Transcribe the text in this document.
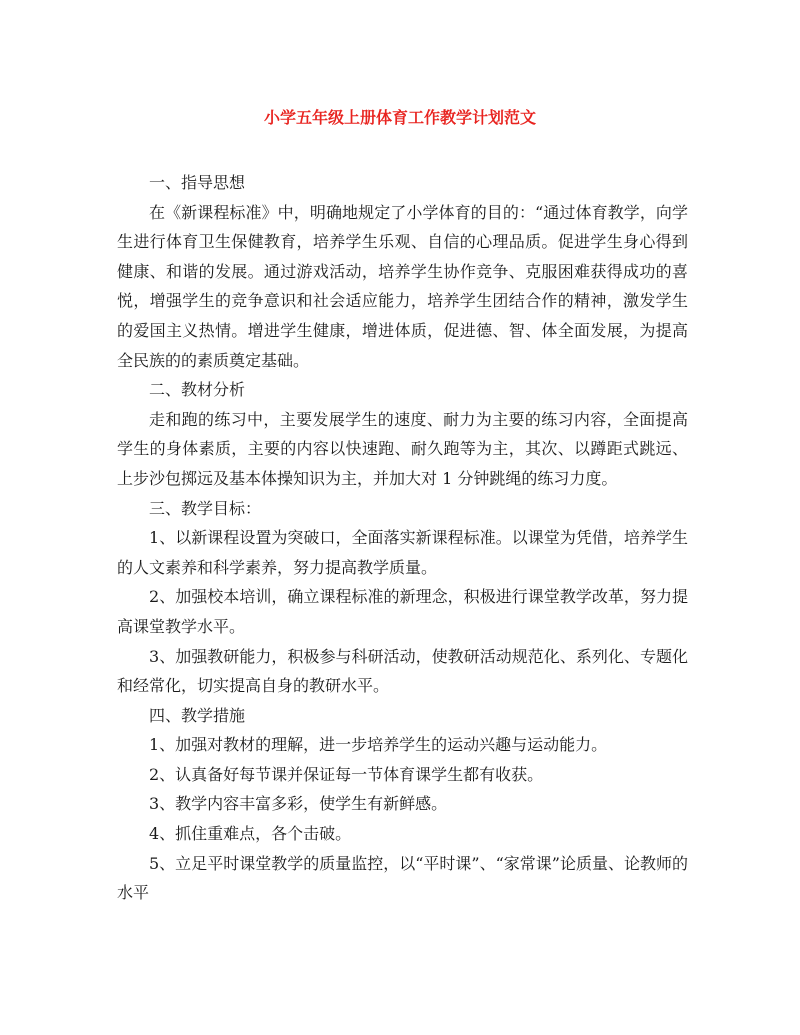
小学五年级上册体育工作教学计划范文

一、指导思想

在《新课程标准》中，明确地规定了小学体育的目的：“通过体育教学，向学生进行体育卫生保健教育，培养学生乐观、自信的心理品质。促进学生身心得到健康、和谐的发展。通过游戏活动，培养学生协作竞争、克服困难获得成功的喜悦，增强学生的竞争意识和社会适应能力，培养学生团结合作的精神，激发学生的爱国主义热情。增进学生健康，增进体质，促进德、智、体全面发展，为提高全民族的的素质奠定基础。

二、教材分析

走和跑的练习中，主要发展学生的速度、耐力为主要的练习内容，全面提高学生的身体素质，主要的内容以快速跑、耐久跑等为主，其次、以蹲距式跳远、上步沙包掷远及基本体操知识为主，并加大对 1 分钟跳绳的练习力度。

三、教学目标：

1、以新课程设置为突破口，全面落实新课程标准。以课堂为凭借，培养学生的人文素养和科学素养，努力提高教学质量。

2、加强校本培训，确立课程标准的新理念，积极进行课堂教学改革，努力提高课堂教学水平。

3、加强教研能力，积极参与科研活动，使教研活动规范化、系列化、专题化和经常化，切实提高自身的教研水平。

四、教学措施

1、加强对教材的理解，进一步培养学生的运动兴趣与运动能力。

2、认真备好每节课并保证每一节体育课学生都有收获。

3、教学内容丰富多彩，使学生有新鲜感。

4、抓住重难点，各个击破。

5、立足平时课堂教学的质量监控，以“平时课”、“家常课”论质量、论教师的水平
